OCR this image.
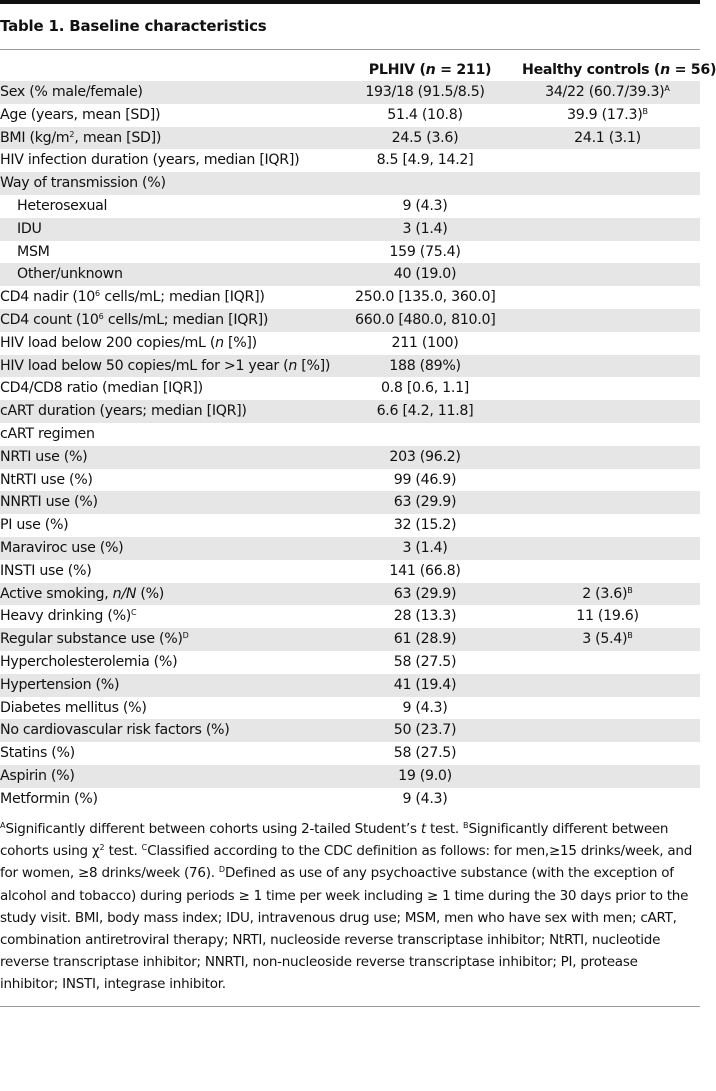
Table 1. Baseline characteristics
PLHIV (n = 211)	Healthy controls (n = 56)
Sex (% male/female)	193/18 (91.5/8.5)	34/22 $(60.7/39.3)^A$
Age (years, mean [SD])	51.4 (10.8)	39.9 $(17.3)^B$
BMI ($kg/m^2$, mean [SD])	24.5 (3.6)	24.1 (3.1)
HIV infection duration (years, median [IQR])	8.5 [4.9, 14.2]
Way of transmission (%)
Heterosexual	9 (4.3)
IDU	3 (1.4)
MSM	159 (75.4)
Other/unknown	40 (19.0)
CD4 nadir ($10^6$ cells/mL; median [IQR])	250.0 [135.0, 360.0]
CD4 count ($10^6$ cells/mL; median [IQR])	660.0 [480.0, 810.0]
HIV load below 200 copies/mL (n [%])	211 (100)
HIV load below 50 copies/mL for >1 year (n [%])	188 (89%)
CD4/CD8 ratio (median [IQR])	0.8 [0.6, 1.1]
cART duration (years; median [IQR])	6.6 [4.2, 11.8]
cART regimen
NRTI use (%)	203 (96.2)
NtRTI use (%)	99 (46.9)
NNRTI use (%)	63 (29.9)
PI use (%)	32 (15.2)
Maraviroc use (%)	3 (1.4)
INSTI use (%)	141 (66.8)
Active smoking, n/N (%)	63 (29.9)	2 $(3.6)^B$
Heavy drinking (%)$^C$	28 (13.3)	11 (19.6)
Regular substance use (%)$^D$	61 (28.9)	3 $(5.4)^B$
Hypercholesterolemia (%)	58 (27.5)
Hypertension (%)	41 (19.4)
Diabetes mellitus (%)	9 (4.3)
No cardiovascular risk factors (%)	50 (23.7)
Statins (%)	58 (27.5)
Aspirin (%)	19 (9.0)
Metformin (%)	9 (4.3)
$^A$Significantly different between cohorts using 2-tailed Student’s t test. $^B$Significantly different between cohorts using $\chi^2$ test. $^C$Classified according to the CDC definition as follows: for men,≥15 drinks/week, and for women, ≥8 drinks/week (76). $^D$Defined as use of any psychoactive substance (with the exception of alcohol and tobacco) during periods ≥ 1 time per week including ≥ 1 time during the 30 days prior to the study visit. BMI, body mass index; IDU, intravenous drug use; MSM, men who have sex with men; cART, combination antiretroviral therapy; NRTI, nucleoside reverse transcriptase inhibitor; NtRTI, nucleotide reverse transcriptase inhibitor; NNRTI, non-nucleoside reverse transcriptase inhibitor; PI, protease inhibitor; INSTI, integrase inhibitor.
